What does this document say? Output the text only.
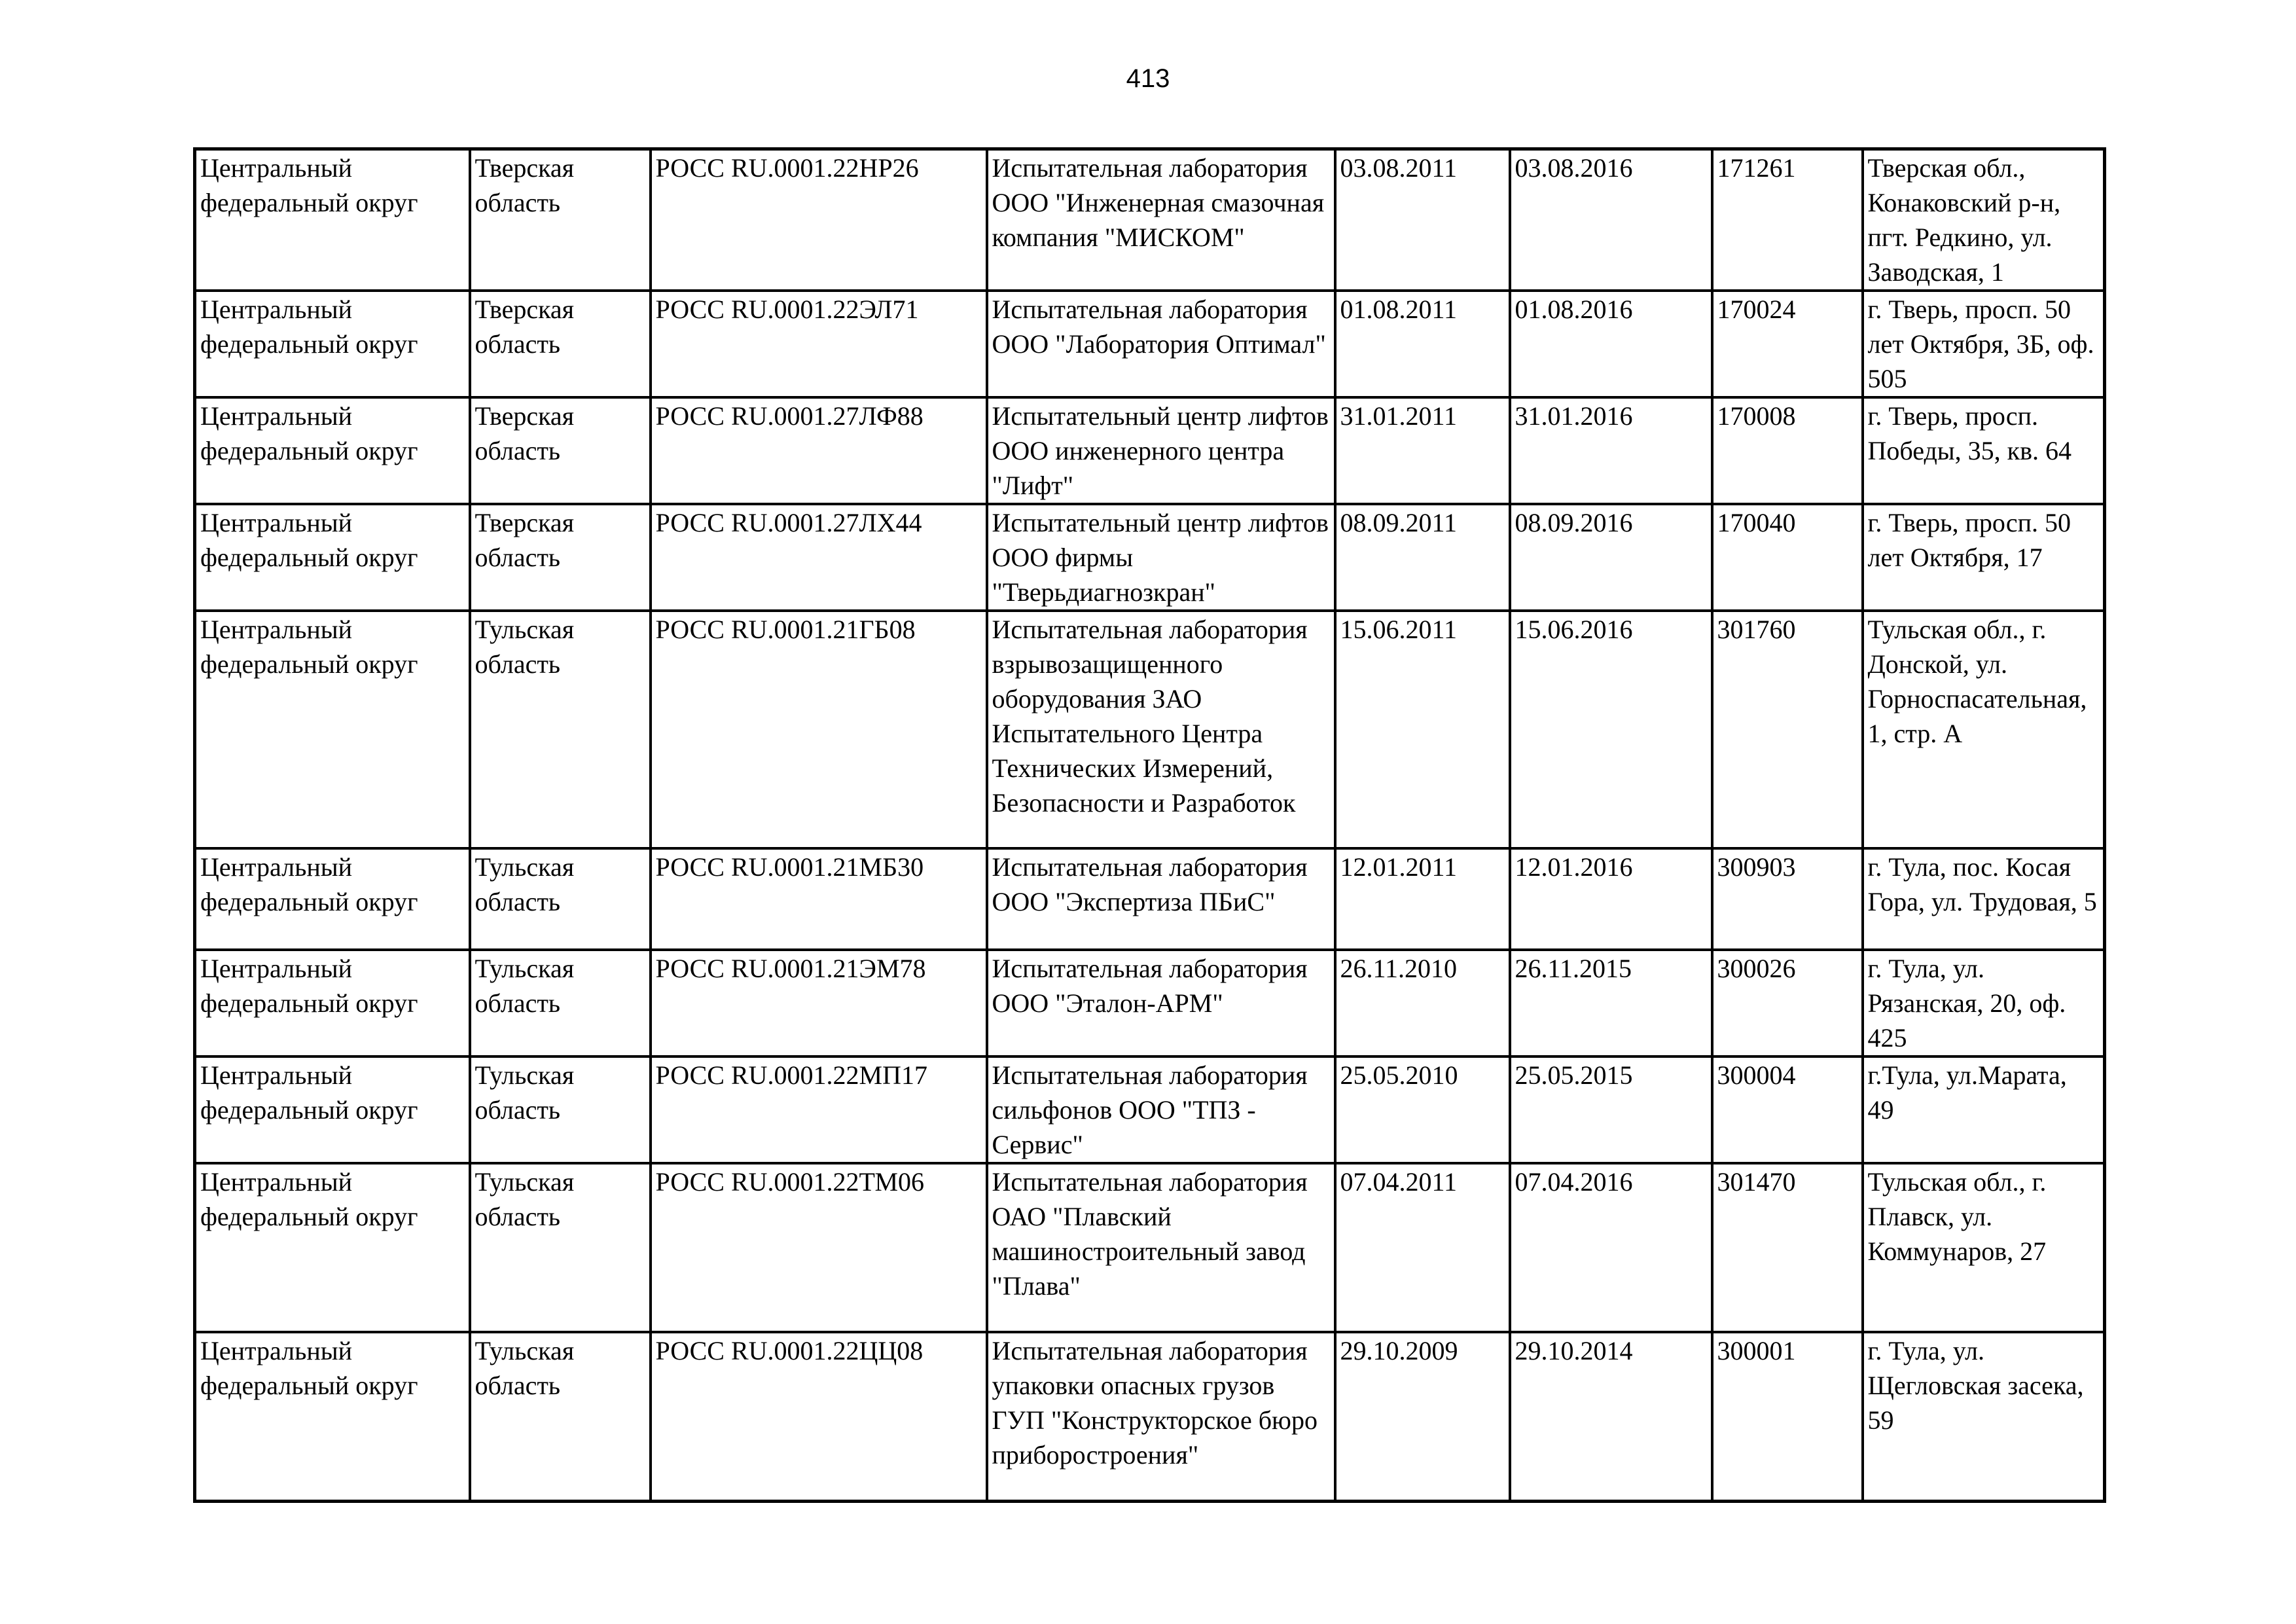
413
Центральный федеральный округ	Тверская область	РОСС RU.0001.22НР26	Испытательная лаборатория ООО "Инженерная смазочная компания "МИСКОМ"	03.08.2011	03.08.2016	171261	Тверская обл., Конаковский р-н, пгт. Редкино, ул. Заводская, 1
Центральный федеральный округ	Тверская область	РОСС RU.0001.22ЭЛ71	Испытательная лаборатория ООО "Лаборатория Оптимал"	01.08.2011	01.08.2016	170024	г. Тверь, просп. 50 лет Октября, 3Б, оф. 505
Центральный федеральный округ	Тверская область	РОСС RU.0001.27ЛФ88	Испытательный центр лифтов ООО инженерного центра "Лифт"	31.01.2011	31.01.2016	170008	г. Тверь, просп. Победы, 35, кв. 64
Центральный федеральный округ	Тверская область	РОСС RU.0001.27ЛХ44	Испытательный центр лифтов ООО фирмы "Тверьдиагнозкран"	08.09.2011	08.09.2016	170040	г. Тверь, просп. 50 лет Октября, 17
Центральный федеральный округ	Тульская область	РОСС RU.0001.21ГБ08	Испытательная лаборатория взрывозащищенного оборудования ЗАО Испытательного Центра Технических Измерений, Безопасности и Разработок	15.06.2011	15.06.2016	301760	Тульская обл., г. Донской, ул. Горноспасательная, 1, стр. А
Центральный федеральный округ	Тульская область	РОСС RU.0001.21МБ30	Испытательная лаборатория ООО "Экспертиза ПБиС"	12.01.2011	12.01.2016	300903	г. Тула, пос. Косая Гора, ул. Трудовая, 5
Центральный федеральный округ	Тульская область	РОСС RU.0001.21ЭМ78	Испытательная лаборатория ООО "Эталон-АРМ"	26.11.2010	26.11.2015	300026	г. Тула, ул. Рязанская, 20, оф. 425
Центральный федеральный округ	Тульская область	РОСС RU.0001.22МП17	Испытательная лаборатория сильфонов ООО "ТПЗ - Сервис"	25.05.2010	25.05.2015	300004	г.Тула, ул.Марата, 49
Центральный федеральный округ	Тульская область	РОСС RU.0001.22ТМ06	Испытательная лаборатория ОАО "Плавский машиностроительный завод "Плава"	07.04.2011	07.04.2016	301470	Тульская обл., г. Плавск, ул. Коммунаров, 27
Центральный федеральный округ	Тульская область	РОСС RU.0001.22ЦЦ08	Испытательная лаборатория упаковки опасных грузов ГУП "Конструкторское бюро приборостроения"	29.10.2009	29.10.2014	300001	г. Тула, ул. Щегловская засека, 59
